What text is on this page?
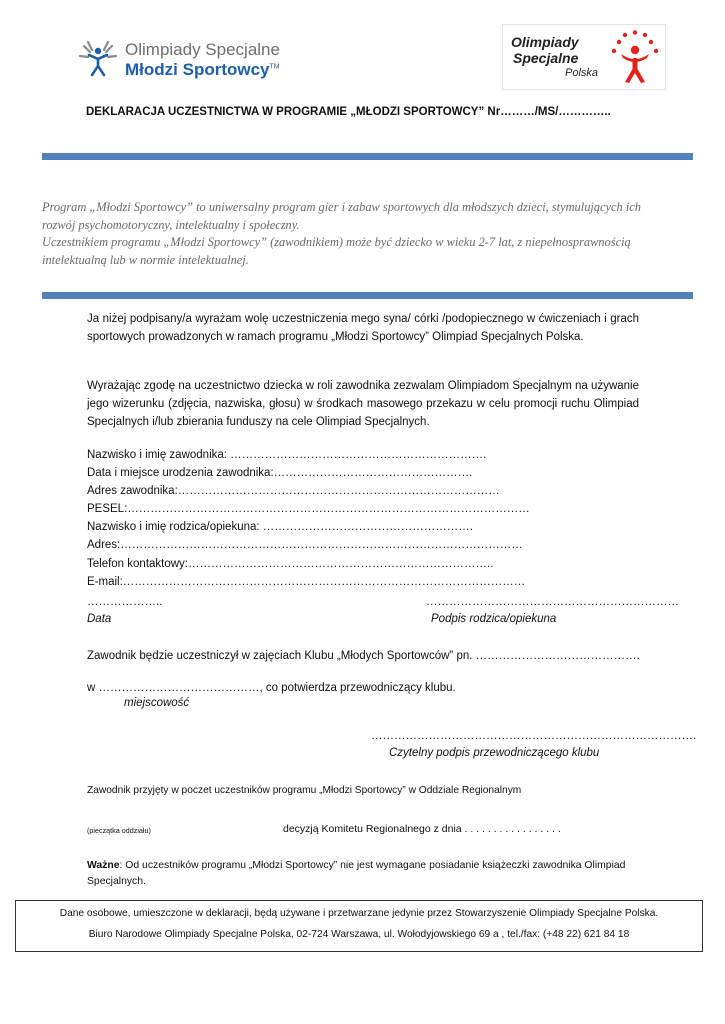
Olimpiady Specjalne
Młodzi Sportowcy™
Olimpiady
Specjalne
Polska
DEKLARACJA UCZESTNICTWA W PROGRAMIE „MŁODZI SPORTOWCY” Nr………/MS/…………..

Program „Młodzi Sportowcy” to uniwersalny program gier i zabaw sportowych dla młodszych dzieci, stymulujących ich

rozwój psychomotoryczny, intelektualny i społeczny.

Uczestnikiem programu „Młodzi Sportowcy” (zawodnikiem) może być dziecko w wieku 2-7 lat, z niepełnosprawnością

intelektualną lub w normie intelektualnej.

Ja niżej podpisany/a wyrażam wolę uczestniczenia mego syna/ córki /podopiecznego w ćwiczeniach i grach sportowych prowadzonych w ramach programu „Młodzi Sportowcy” Olimpiad Specjalnych Polska.
Wyrażając zgodę na uczestnictwo dziecka w roli zawodnika zezwalam Olimpiadom Specjalnym na używanie jego wizerunku (zdjęcia, nazwiska, głosu) w środkach masowego przekazu w celu promocji ruchu Olimpiad Specjalnych i/lub zbierania funduszy na cele Olimpiad Specjalnych.
Nazwisko i imię zawodnika: ………………………………………………………….
Data i miejsce urodzenia zawodnika:…………………………………………….
Adres zawodnika:…………………………………………………………………………
PESEL:……………………………………………………………………………………………
Nazwisko i imię rodzica/opiekuna: ……………………………………………….
Adres:……………………………………………………………………………………………
Telefon kontaktowy:……………………………………………………………………..
E-mail:……………………………………………………………………………………………
………………..	…………………………………………………………
Data	Podpis rodzica/opiekuna
Zawodnik będzie uczestniczył w zajęciach Klubu „Młodych Sportowców” pn. …………………………………….
w ……………………………………, co potwierdza przewodniczący klubu.
miejscowość
………………………………………………………………………….
Czytelny podpis przewodniczącego klubu
Zawodnik przyjęty w poczet uczestników programu „Młodzi Sportowcy” w Oddziale Regionalnym
(pieczątka oddziału)	decyzją Komitetu Regionalnego z dnia . . . . . . . . . . . . . . . . .
Ważne: Od uczestników programu „Młodzi Sportowcy” nie jest wymagane posiadanie książeczki zawodnika Olimpiad Specjalnych.
Dane osobowe, umieszczone w deklaracji, będą używane i przetwarzane jedynie przez Stowarzyszenie Olimpiady Specjalne Polska.
Biuro Narodowe Olimpiady Specjalne Polska, 02-724 Warszawa, ul. Wołodyjowskiego 69 a , tel./fax: (+48 22) 621 84 18
